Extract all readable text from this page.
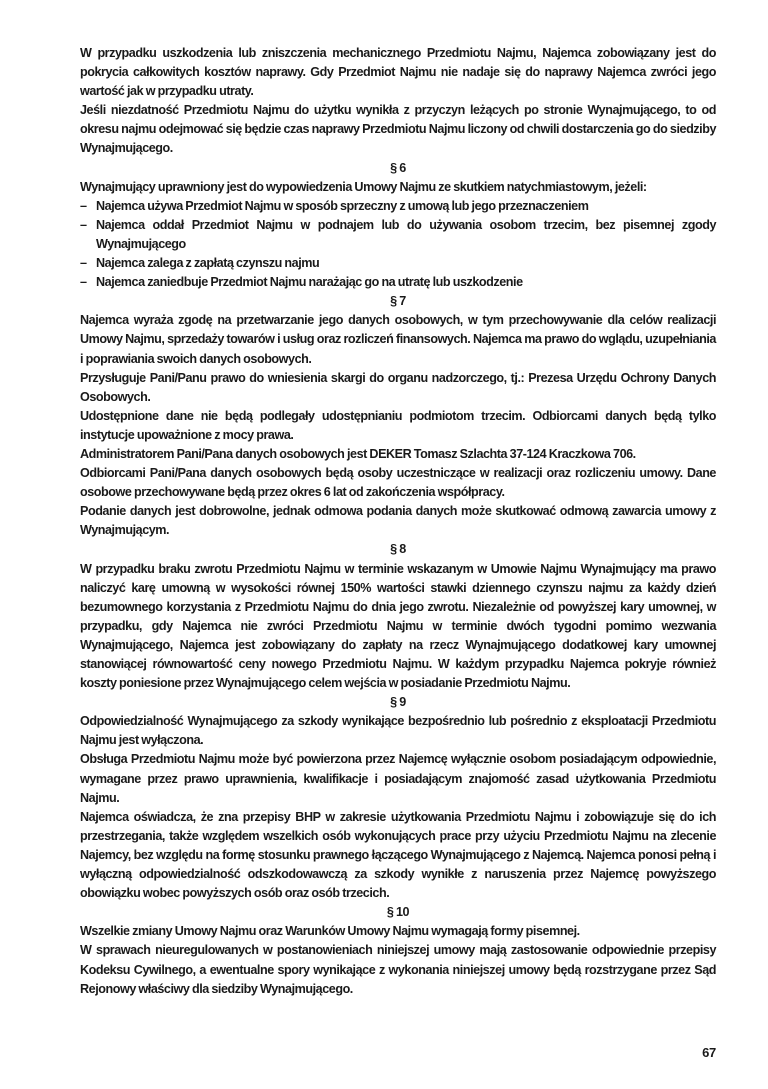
W przypadku uszkodzenia lub zniszczenia mechanicznego Przedmiotu Najmu, Najemca zobowiązany jest do pokrycia całkowitych kosztów naprawy. Gdy Przedmiot Najmu nie nadaje się do naprawy Najemca zwróci jego wartość jak w przypadku utraty.

Jeśli niezdatność Przedmiotu Najmu do użytku wynikła z przyczyn leżących po stronie Wynajmującego, to od okresu najmu odejmować się będzie czas naprawy Przedmiotu Najmu liczony od chwili dostarczenia go do siedziby Wynajmującego.

§ 6

Wynajmujący uprawniony jest do wypowiedzenia Umowy Najmu ze skutkiem natychmiastowym, jeżeli:

– Najemca używa Przedmiot Najmu w sposób sprzeczny z umową lub jego przeznaczeniem
– Najemca oddał Przedmiot Najmu w podnajem lub do używania osobom trzecim, bez pisemnej zgody Wynajmującego
– Najemca zalega z zapłatą czynszu najmu
– Najemca zaniedbuje Przedmiot Najmu narażając go na utratę lub uszkodzenie

§ 7

Najemca wyraża zgodę na przetwarzanie jego danych osobowych, w tym przechowywanie dla celów realizacji Umowy Najmu, sprzedaży towarów i usług oraz rozliczeń finansowych. Najemca ma prawo do wglądu, uzupełniania i poprawiania swoich danych osobowych.

Przysługuje Pani/Panu prawo do wniesienia skargi do organu nadzorczego, tj.: Prezesa Urzędu Ochrony Danych Osobowych.

Udostępnione dane nie będą podlegały udostępnianiu podmiotom trzecim. Odbiorcami danych będą tylko instytucje upoważnione z mocy prawa.

Administratorem Pani/Pana danych osobowych jest DEKER Tomasz Szlachta 37-124 Kraczkowa 706.

Odbiorcami Pani/Pana danych osobowych będą osoby uczestniczące w realizacji oraz rozliczeniu umowy. Dane osobowe przechowywane będą przez okres 6 lat od zakończenia współpracy.

Podanie danych jest dobrowolne, jednak odmowa podania danych może skutkować odmową zawarcia umowy z Wynajmującym.

§ 8

W przypadku braku zwrotu Przedmiotu Najmu w terminie wskazanym w Umowie Najmu Wynajmujący ma prawo naliczyć karę umowną w wysokości równej 150% wartości stawki dziennego czynszu najmu za każdy dzień bezumownego korzystania z Przedmiotu Najmu do dnia jego zwrotu. Niezależnie od powyższej kary umownej, w przypadku, gdy Najemca nie zwróci Przedmiotu Najmu w terminie dwóch tygodni pomimo wezwania Wynajmującego, Najemca jest zobowiązany do zapłaty na rzecz Wynajmującego dodatkowej kary umownej stanowiącej równowartość ceny nowego Przedmiotu Najmu. W każdym przypadku Najemca pokryje również koszty poniesione przez Wynajmującego celem wejścia w posiadanie Przedmiotu Najmu.

§ 9

Odpowiedzialność Wynajmującego za szkody wynikające bezpośrednio lub pośrednio z eksploatacji Przedmiotu Najmu jest wyłączona.

Obsługa Przedmiotu Najmu może być powierzona przez Najemcę wyłącznie osobom posiadającym odpowiednie, wymagane przez prawo uprawnienia, kwalifikacje i posiadającym znajomość zasad użytkowania Przedmiotu Najmu.

Najemca oświadcza, że zna przepisy BHP w zakresie użytkowania Przedmiotu Najmu i zobowiązuje się do ich przestrzegania, także względem wszelkich osób wykonujących prace przy użyciu Przedmiotu Najmu na zlecenie Najemcy, bez względu na formę stosunku prawnego łączącego Wynajmującego z Najemcą. Najemca ponosi pełną i wyłączną odpowiedzialność odszkodowawczą za szkody wynikłe z naruszenia przez Najemcę powyższego obowiązku wobec powyższych osób oraz osób trzecich.

§ 10

Wszelkie zmiany Umowy Najmu oraz Warunków Umowy Najmu wymagają formy pisemnej.

W sprawach nieuregulowanych w postanowieniach niniejszej umowy mają zastosowanie odpowiednie przepisy Kodeksu Cywilnego, a ewentualne spory wynikające z wykonania niniejszej umowy będą rozstrzygane przez Sąd Rejonowy właściwy dla siedziby Wynajmującego.

67
